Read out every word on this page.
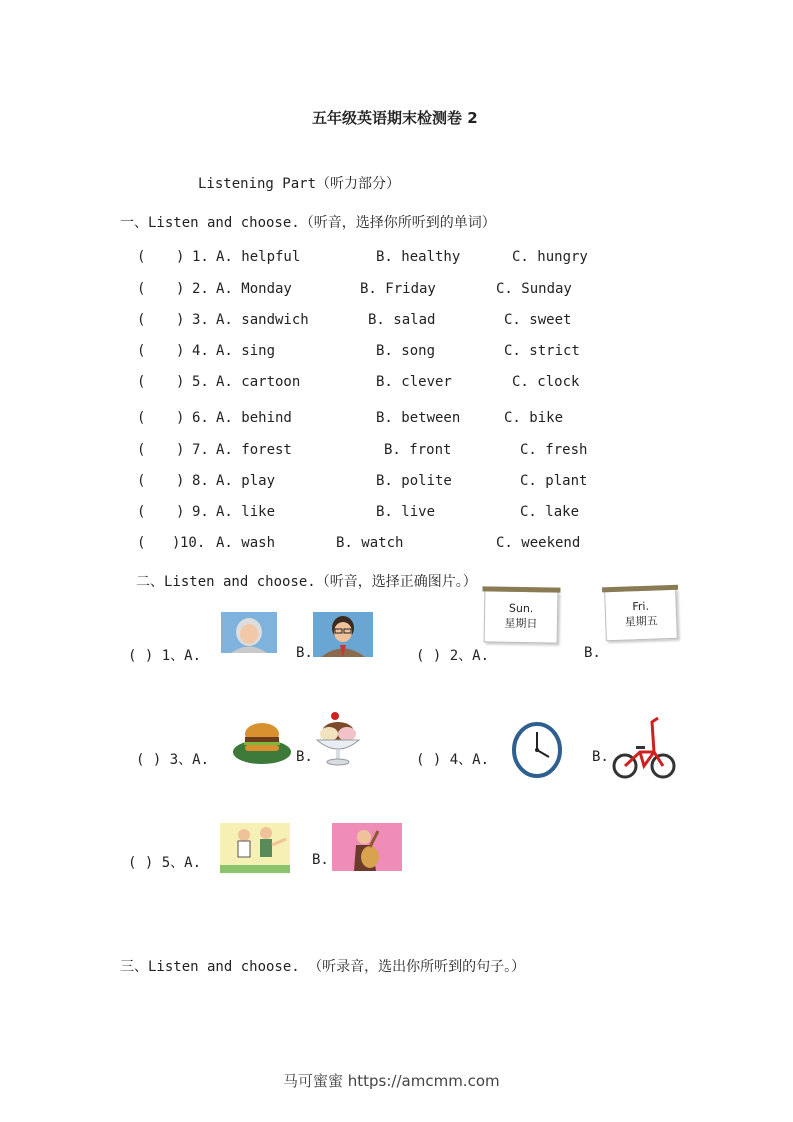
五年级英语期末检测卷 2
Listening Part（听力部分）
一、Listen and choose.（听音，选择你所听到的单词）
( ) 1. A. helpful	B. healthy	C. hungry
( ) 2. A. Monday	B. Friday	C. Sunday
( ) 3. A. sandwich	B. salad	C. sweet
( ) 4. A. sing	B. song	C. strict
( ) 5. A. cartoon	B. clever	C. clock
( ) 6. A. behind	B. between	C. bike
( ) 7. A. forest	B. front	C. fresh
( ) 8. A. play	B. polite	C. plant
( ) 9. A. like	B. live	C. lake
( ) 10. A. wash	B. watch	C. weekend
二、Listen and choose.（听音，选择正确图片。）
( ) 1、A.	B.	( ) 2、A.
Sun.
星期日
B.
Fri.
星期五
( ) 3、A.	B.	( ) 4、A.	B.
( ) 5、A.	B.
三、Listen and choose. （听录音，选出你所听到的句子。）
马可蜜蜜 https://amcmm.com
